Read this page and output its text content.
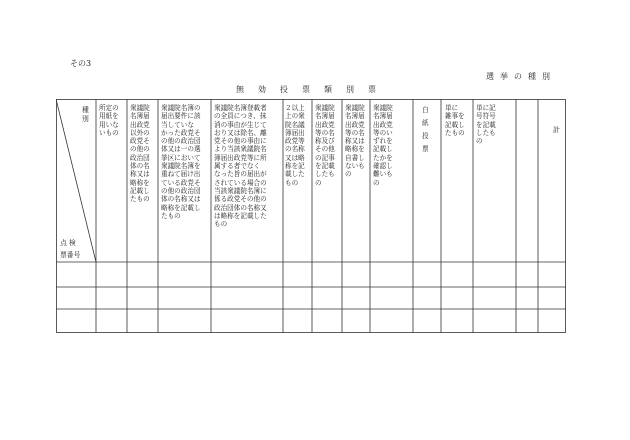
その3
選挙の種別
無効投票類別票
種
別
点 検
票番号
所定の
用紙を
用いな
いもの
衆議院
名簿届
出政党
以外の
政党そ
の他の
政治団
体の名
称又は
略称を
記載し
たもの
衆議院名簿の
届出要件に該
当していな
かった政党そ
の他の政治団
体又は一の選
挙区において
衆議院名簿を
重ねて届け出
ている政党そ
の他の政治団
体の名称又は
略称を記載し
たもの
衆議院名簿登載者
の全員につき、抹
消の事由が生じて
おり又は除名、離
党その他の事由に
より当該衆議院名
簿届出政党等に所
属する者でなく
なった旨の届出が
されている場合の
当該衆議院名簿に
係る政党その他の
政治団体の名称又
は略称を記載した
もの
２以上
上の衆
院名議
簿届出
政党等
の名称
又は略
称を記
載した
もの
衆議院
名簿届
出政党
等の名
称及び
その他
の記事
を記載
したも
の
衆議院
名簿届
出政党
等の名
称又は
略称を
自書し
ないも
の
衆議院
名簿届
出政党
等のい
ずれを
記載し
たかを
確認し
難いも
の
白

紙

投

票
単に
雑事を
記載し
たもの
単に記
号符号
を記載
したも
の
計
